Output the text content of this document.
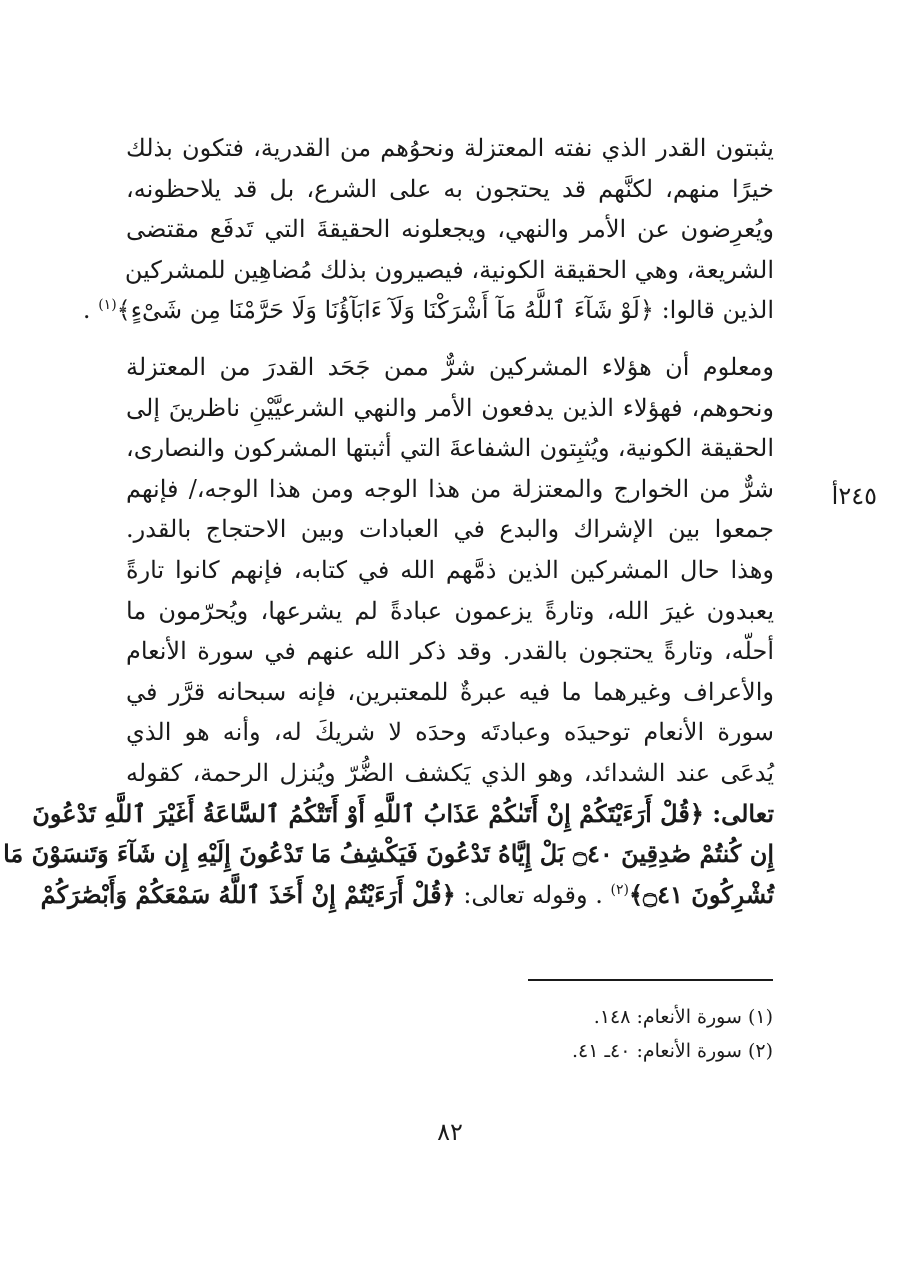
يثبتون القدر الذي نفته المعتزلة ونحوُهم من القدرية، فتكون بذلك
خيرًا منهم، لكنَّهم قد يحتجون به على الشرع، بل قد يلاحظونه،
ويُعرِضون عن الأمر والنهي، ويجعلونه الحقيقةَ التي تَدفَع مقتضى
الشريعة، وهي الحقيقة الكونية، فيصيرون بذلك مُضاهِين للمشركين
الذين قالوا: ﴿لَوْ شَآءَ ٱللَّهُ مَآ أَشْرَكْنَا وَلَآ ءَابَآؤُنَا وَلَا حَرَّمْنَا مِن شَىْءٍ﴾$^{(١)}$ .
ومعلوم أن هؤلاء المشركين شرٌّ ممن جَحَد القدرَ من المعتزلة
ونحوهم، فهؤلاء الذين يدفعون الأمر والنهي الشرعيَّيْنِ ناظرينَ إلى
الحقيقة الكونية، ويُثبِتون الشفاعةَ التي أثبتها المشركون والنصارى،
شرٌّ من الخوارج والمعتزلة من هذا الوجه ومن هذا الوجه،/ فإنهم
جمعوا بين الإشراك والبدع في العبادات وبين الاحتجاج بالقدر.
وهذا حال المشركين الذين ذمَّهم الله في كتابه، فإنهم كانوا تارةً
يعبدون غيرَ الله، وتارةً يزعمون عبادةً لم يشرعها، ويُحرّمون ما
أحلّه، وتارةً يحتجون بالقدر. وقد ذكر الله عنهم في سورة الأنعام
والأعراف وغيرهما ما فيه عبرةٌ للمعتبرين، فإنه سبحانه قرَّر في
سورة الأنعام توحيدَه وعبادتَه وحدَه لا شريكَ له، وأنه هو الذي
يُدعَى عند الشدائد، وهو الذي يَكشف الضُّرّ ويُنزل الرحمة، كقوله
تعالى: ﴿قُلْ أَرَءَيْتَكُمْ إِنْ أَتَىٰكُمْ عَذَابُ ٱللَّهِ أَوْ أَتَتْكُمُ ٱلسَّاعَةُ أَغَيْرَ ٱللَّهِ تَدْعُونَ
إِن كُنتُمْ صَٰدِقِينَ ۝٤٠ بَلْ إِيَّاهُ تَدْعُونَ فَيَكْشِفُ مَا تَدْعُونَ إِلَيْهِ إِن شَآءَ وَتَنسَوْنَ مَا
تُشْرِكُونَ ۝٤١﴾$^{(٢)}$ . وقوله تعالى: ﴿قُلْ أَرَءَيْتُمْ إِنْ أَخَذَ ٱللَّهُ سَمْعَكُمْ وَأَبْصَٰرَكُمْ
٢٤٥أ
(١) سورة الأنعام: ١٤٨.
(٢) سورة الأنعام: ٤٠ـ ٤١.
٨٢
